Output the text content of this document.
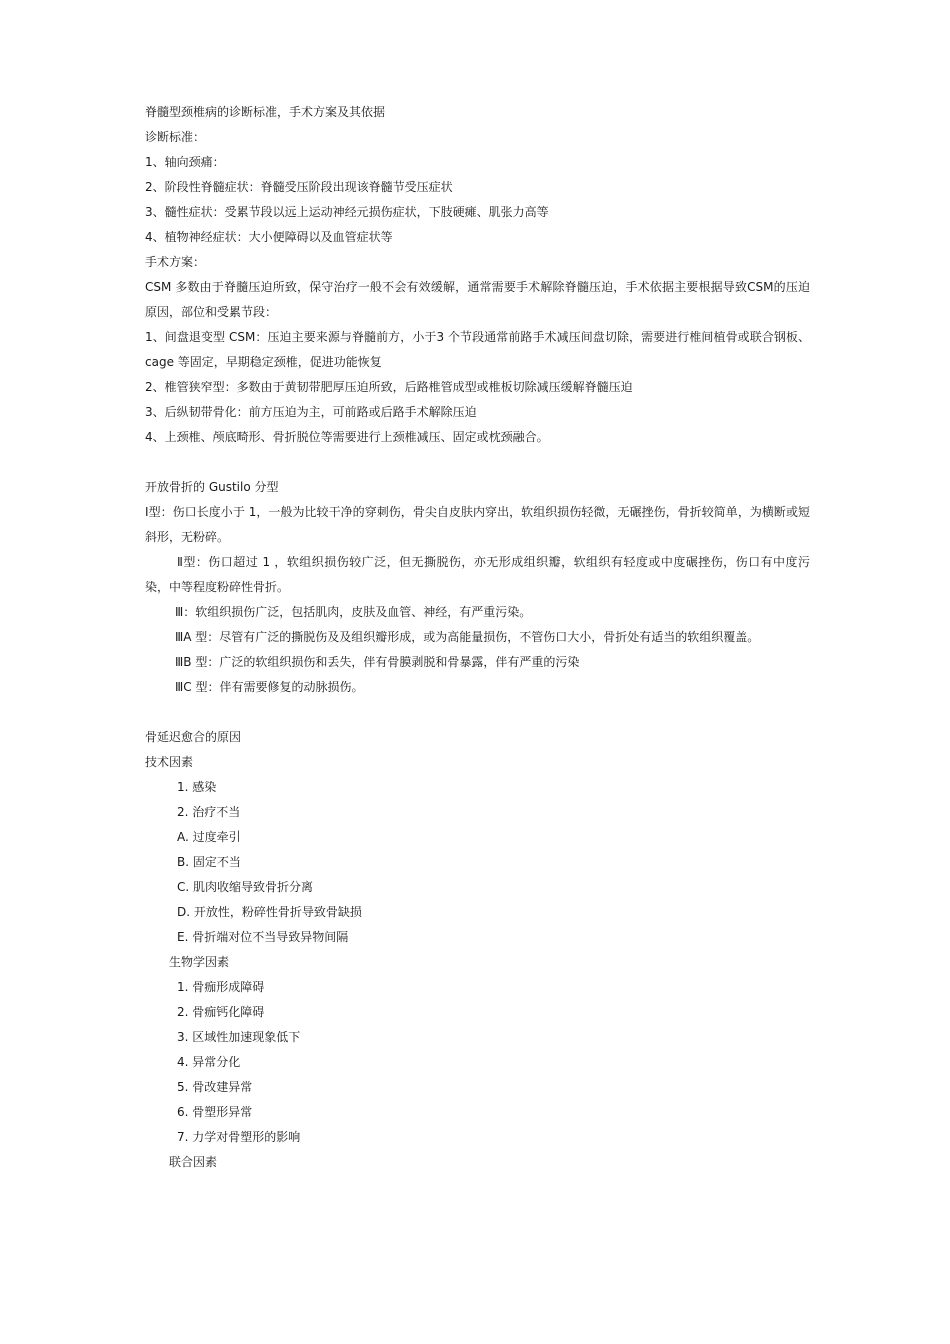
脊髓型颈椎病的诊断标准，手术方案及其依据
诊断标准：
1、轴向颈痛：
2、阶段性脊髓症状：脊髓受压阶段出现该脊髓节受压症状
3、髓性症状：受累节段以远上运动神经元损伤症状，下肢硬瘫、肌张力高等
4、植物神经症状：大小便障碍以及血管症状等
手术方案：
CSM 多数由于脊髓压迫所致，保守治疗一般不会有效缓解，通常需要手术解除脊髓压迫，手术依据主要根据导致CSM的压迫原因，部位和受累节段：
1、间盘退变型 CSM：压迫主要来源与脊髓前方，小于3 个节段通常前路手术减压间盘切除，需要进行椎间植骨或联合钢板、cage 等固定，早期稳定颈椎，促进功能恢复
2、椎管狭窄型：多数由于黄韧带肥厚压迫所致，后路椎管成型或椎板切除减压缓解脊髓压迫
3、后纵韧带骨化：前方压迫为主，可前路或后路手术解除压迫
4、上颈椎、颅底畸形、骨折脱位等需要进行上颈椎减压、固定或枕颈融合。
开放骨折的 Gustilo 分型
Ⅰ型：伤口长度小于 1，一般为比较干净的穿刺伤，骨尖自皮肤内穿出，软组织损伤轻微，无碾挫伤，骨折较简单，为横断或短斜形，无粉碎。
Ⅱ型：伤口超过 1 ，软组织损伤较广泛，但无撕脱伤，亦无形成组织瓣，软组织有轻度或中度碾挫伤，伤口有中度污染，中等程度粉碎性骨折。
Ⅲ：软组织损伤广泛，包括肌肉，皮肤及血管、神经，有严重污染。
ⅢA 型：尽管有广泛的撕脱伤及及组织瓣形成，或为高能量损伤，不管伤口大小，骨折处有适当的软组织覆盖。
ⅢB 型：广泛的软组织损伤和丢失，伴有骨膜剥脱和骨暴露，伴有严重的污染
ⅢC 型：伴有需要修复的动脉损伤。
骨延迟愈合的原因
技术因素
1. 感染
2. 治疗不当
A. 过度牵引
B. 固定不当
C. 肌肉收缩导致骨折分离
D. 开放性，粉碎性骨折导致骨缺损
E. 骨折端对位不当导致异物间隔
生物学因素
1. 骨痂形成障碍
2. 骨痂钙化障碍
3. 区域性加速现象低下
4. 异常分化
5. 骨改建异常
6. 骨塑形异常
7. 力学对骨塑形的影响
联合因素
